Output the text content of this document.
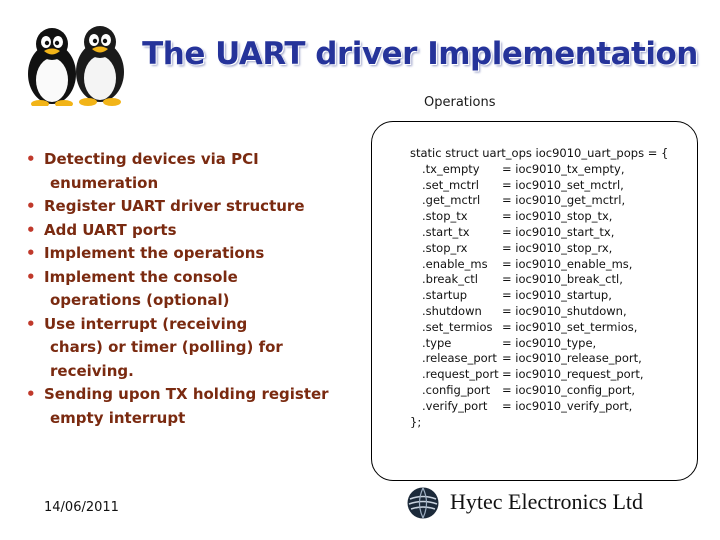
The UART driver Implementation
Operations
• Detecting devices via PCI
enumeration
• Register UART driver structure
• Add UART ports
• Implement the operations
• Implement the console
operations (optional)
• Use interrupt (receiving
chars) or timer (polling) for
receiving.
• Sending upon TX holding register
empty interrupt
static struct uart_ops ioc9010_uart_pops = {
.tx_empty = ioc9010_tx_empty,
.set_mctrl = ioc9010_set_mctrl,
.get_mctrl = ioc9010_get_mctrl,
.stop_tx	= ioc9010_stop_tx,
.start_tx	= ioc9010_start_tx,
.stop_rx	= ioc9010_stop_rx,
.enable_ms = ioc9010_enable_ms,
.break_ctl = ioc9010_break_ctl,
.startup	= ioc9010_startup,
.shutdown = ioc9010_shutdown,
.set_termios = ioc9010_set_termios,
.type	= ioc9010_type,
.release_port = ioc9010_release_port,
.request_port = ioc9010_request_port,
.config_port = ioc9010_config_port,
.verify_port = ioc9010_verify_port,
};
14/06/2011	Hytec Electronics Ltd
